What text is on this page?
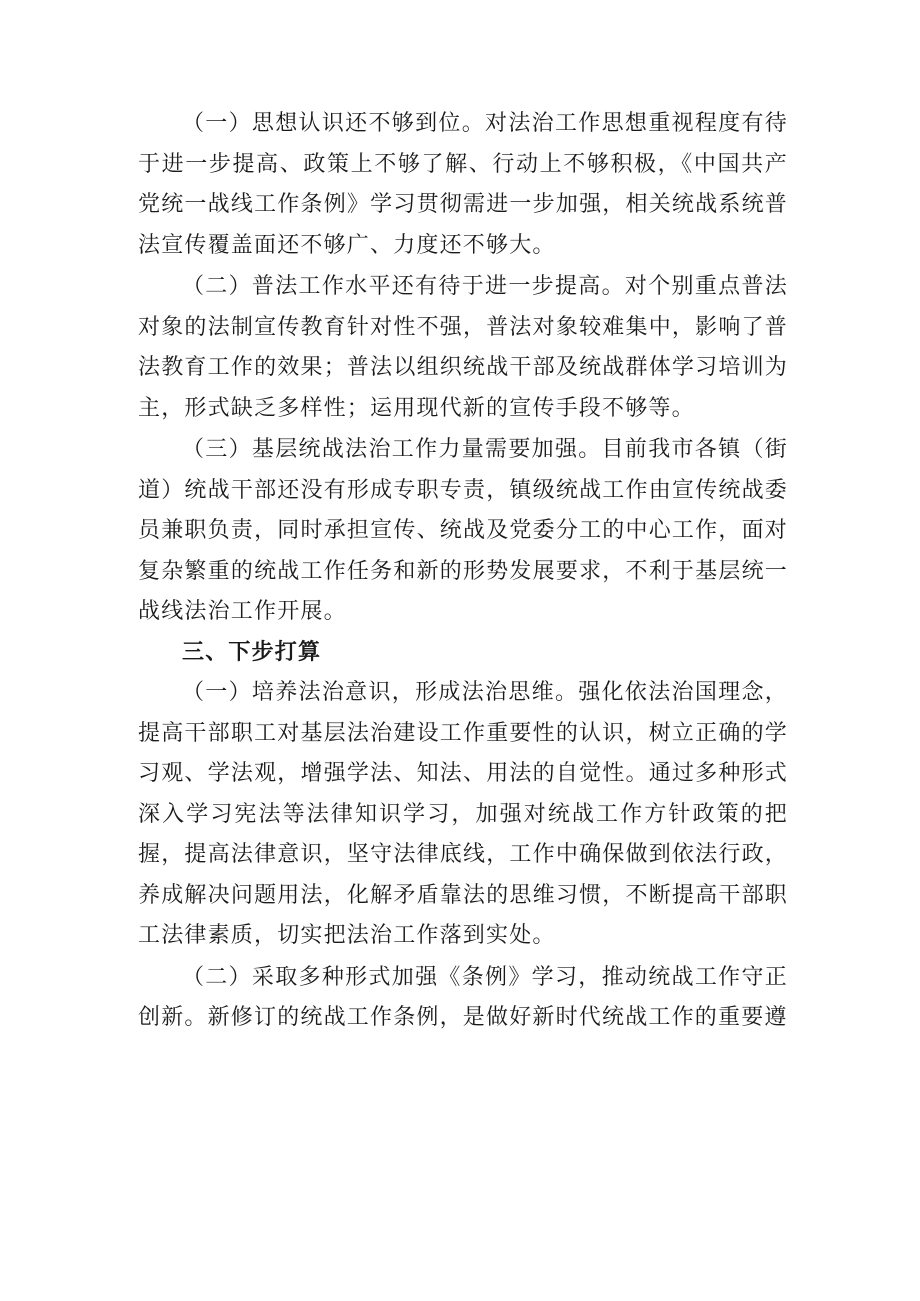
（一）思想认识还不够到位。对法治工作思想重视程度有待于进一步提高、政策上不够了解、行动上不够积极，《中国共产党统一战线工作条例》学习贯彻需进一步加强，相关统战系统普法宣传覆盖面还不够广、力度还不够大。

（二）普法工作水平还有待于进一步提高。对个别重点普法对象的法制宣传教育针对性不强，普法对象较难集中，影响了普法教育工作的效果；普法以组织统战干部及统战群体学习培训为主，形式缺乏多样性；运用现代新的宣传手段不够等。

（三）基层统战法治工作力量需要加强。目前我市各镇（街道）统战干部还没有形成专职专责，镇级统战工作由宣传统战委员兼职负责，同时承担宣传、统战及党委分工的中心工作，面对复杂繁重的统战工作任务和新的形势发展要求，不利于基层统一战线法治工作开展。

三、下步打算

（一）培养法治意识，形成法治思维。强化依法治国理念，提高干部职工对基层法治建设工作重要性的认识，树立正确的学习观、学法观，增强学法、知法、用法的自觉性。通过多种形式深入学习宪法等法律知识学习，加强对统战工作方针政策的把握，提高法律意识，坚守法律底线，工作中确保做到依法行政，养成解决问题用法，化解矛盾靠法的思维习惯，不断提高干部职工法律素质，切实把法治工作落到实处。

（二）采取多种形式加强《条例》学习，推动统战工作守正创新。新修订的统战工作条例，是做好新时代统战工作的重要遵
